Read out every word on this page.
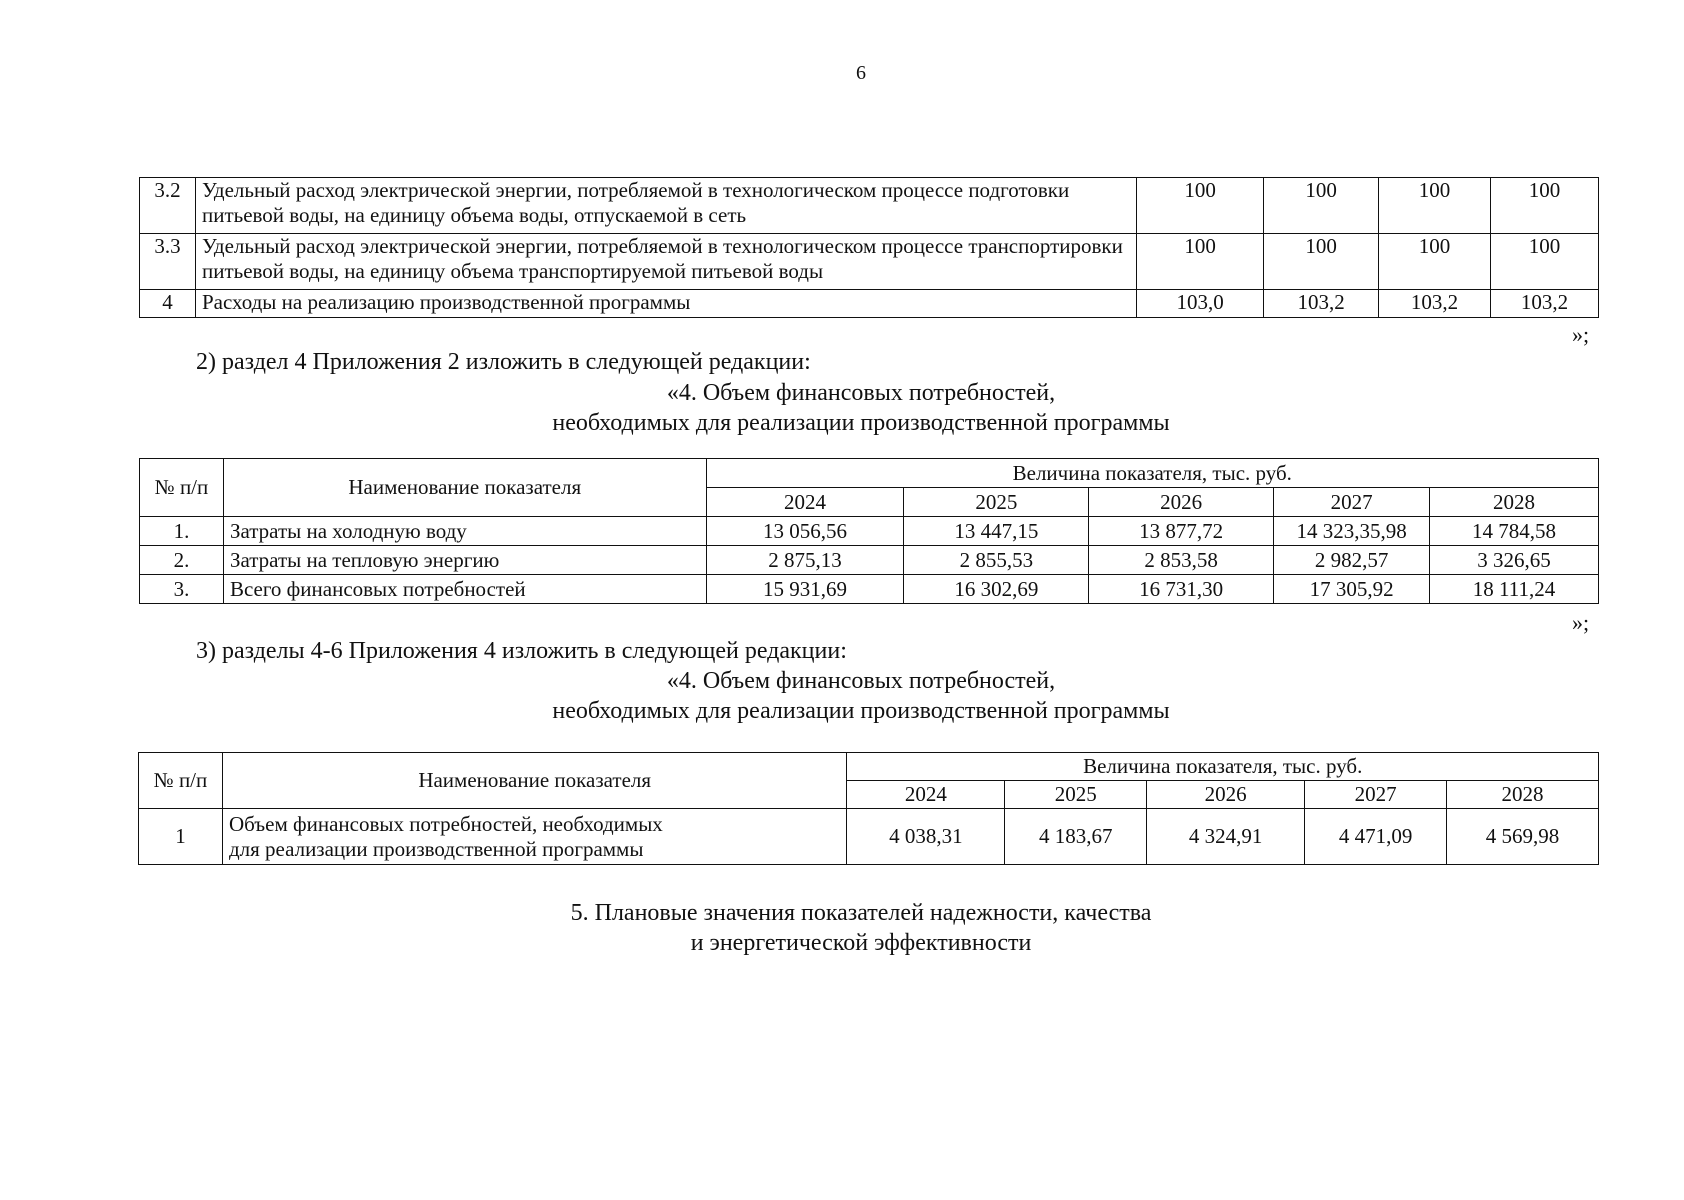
6
3.2	Удельный расход электрической энергии, потребляемой в технологическом процессе подготовки питьевой воды, на единицу объема воды, отпускаемой в сеть	100	100	100	100
3.3	Удельный расход электрической энергии, потребляемой в технологическом процессе транспортировки питьевой воды, на единицу объема транспортируемой питьевой воды	100	100	100	100
4	Расходы на реализацию производственной программы	103,0	103,2	103,2	103,2
»;
2) раздел 4 Приложения 2 изложить в следующей редакции:
«4. Объем финансовых потребностей,
необходимых для реализации производственной программы
№ п/п	Наименование показателя	Величина показателя, тыс. руб.				
		2024	2025	2026	2027	2028
1.	Затраты на холодную воду	13 056,56	13 447,15	13 877,72	14 323,35,98	14 784,58
2.	Затраты на тепловую энергию	2 875,13	2 855,53	2 853,58	2 982,57	3 326,65
3.	Всего финансовых потребностей	15 931,69	16 302,69	16 731,30	17 305,92	18 111,24
»;
3) разделы 4-6 Приложения 4 изложить в следующей редакции:
«4. Объем финансовых потребностей,
необходимых для реализации производственной программы
№ п/п	Наименование показателя	Величина показателя, тыс. руб.				
		2024	2025	2026	2027	2028
1	Объем финансовых потребностей, необходимых
для реализации производственной программы	4 038,31	4 183,67	4 324,91	4 471,09	4 569,98
5. Плановые значения показателей надежности, качества
и энергетической эффективности
